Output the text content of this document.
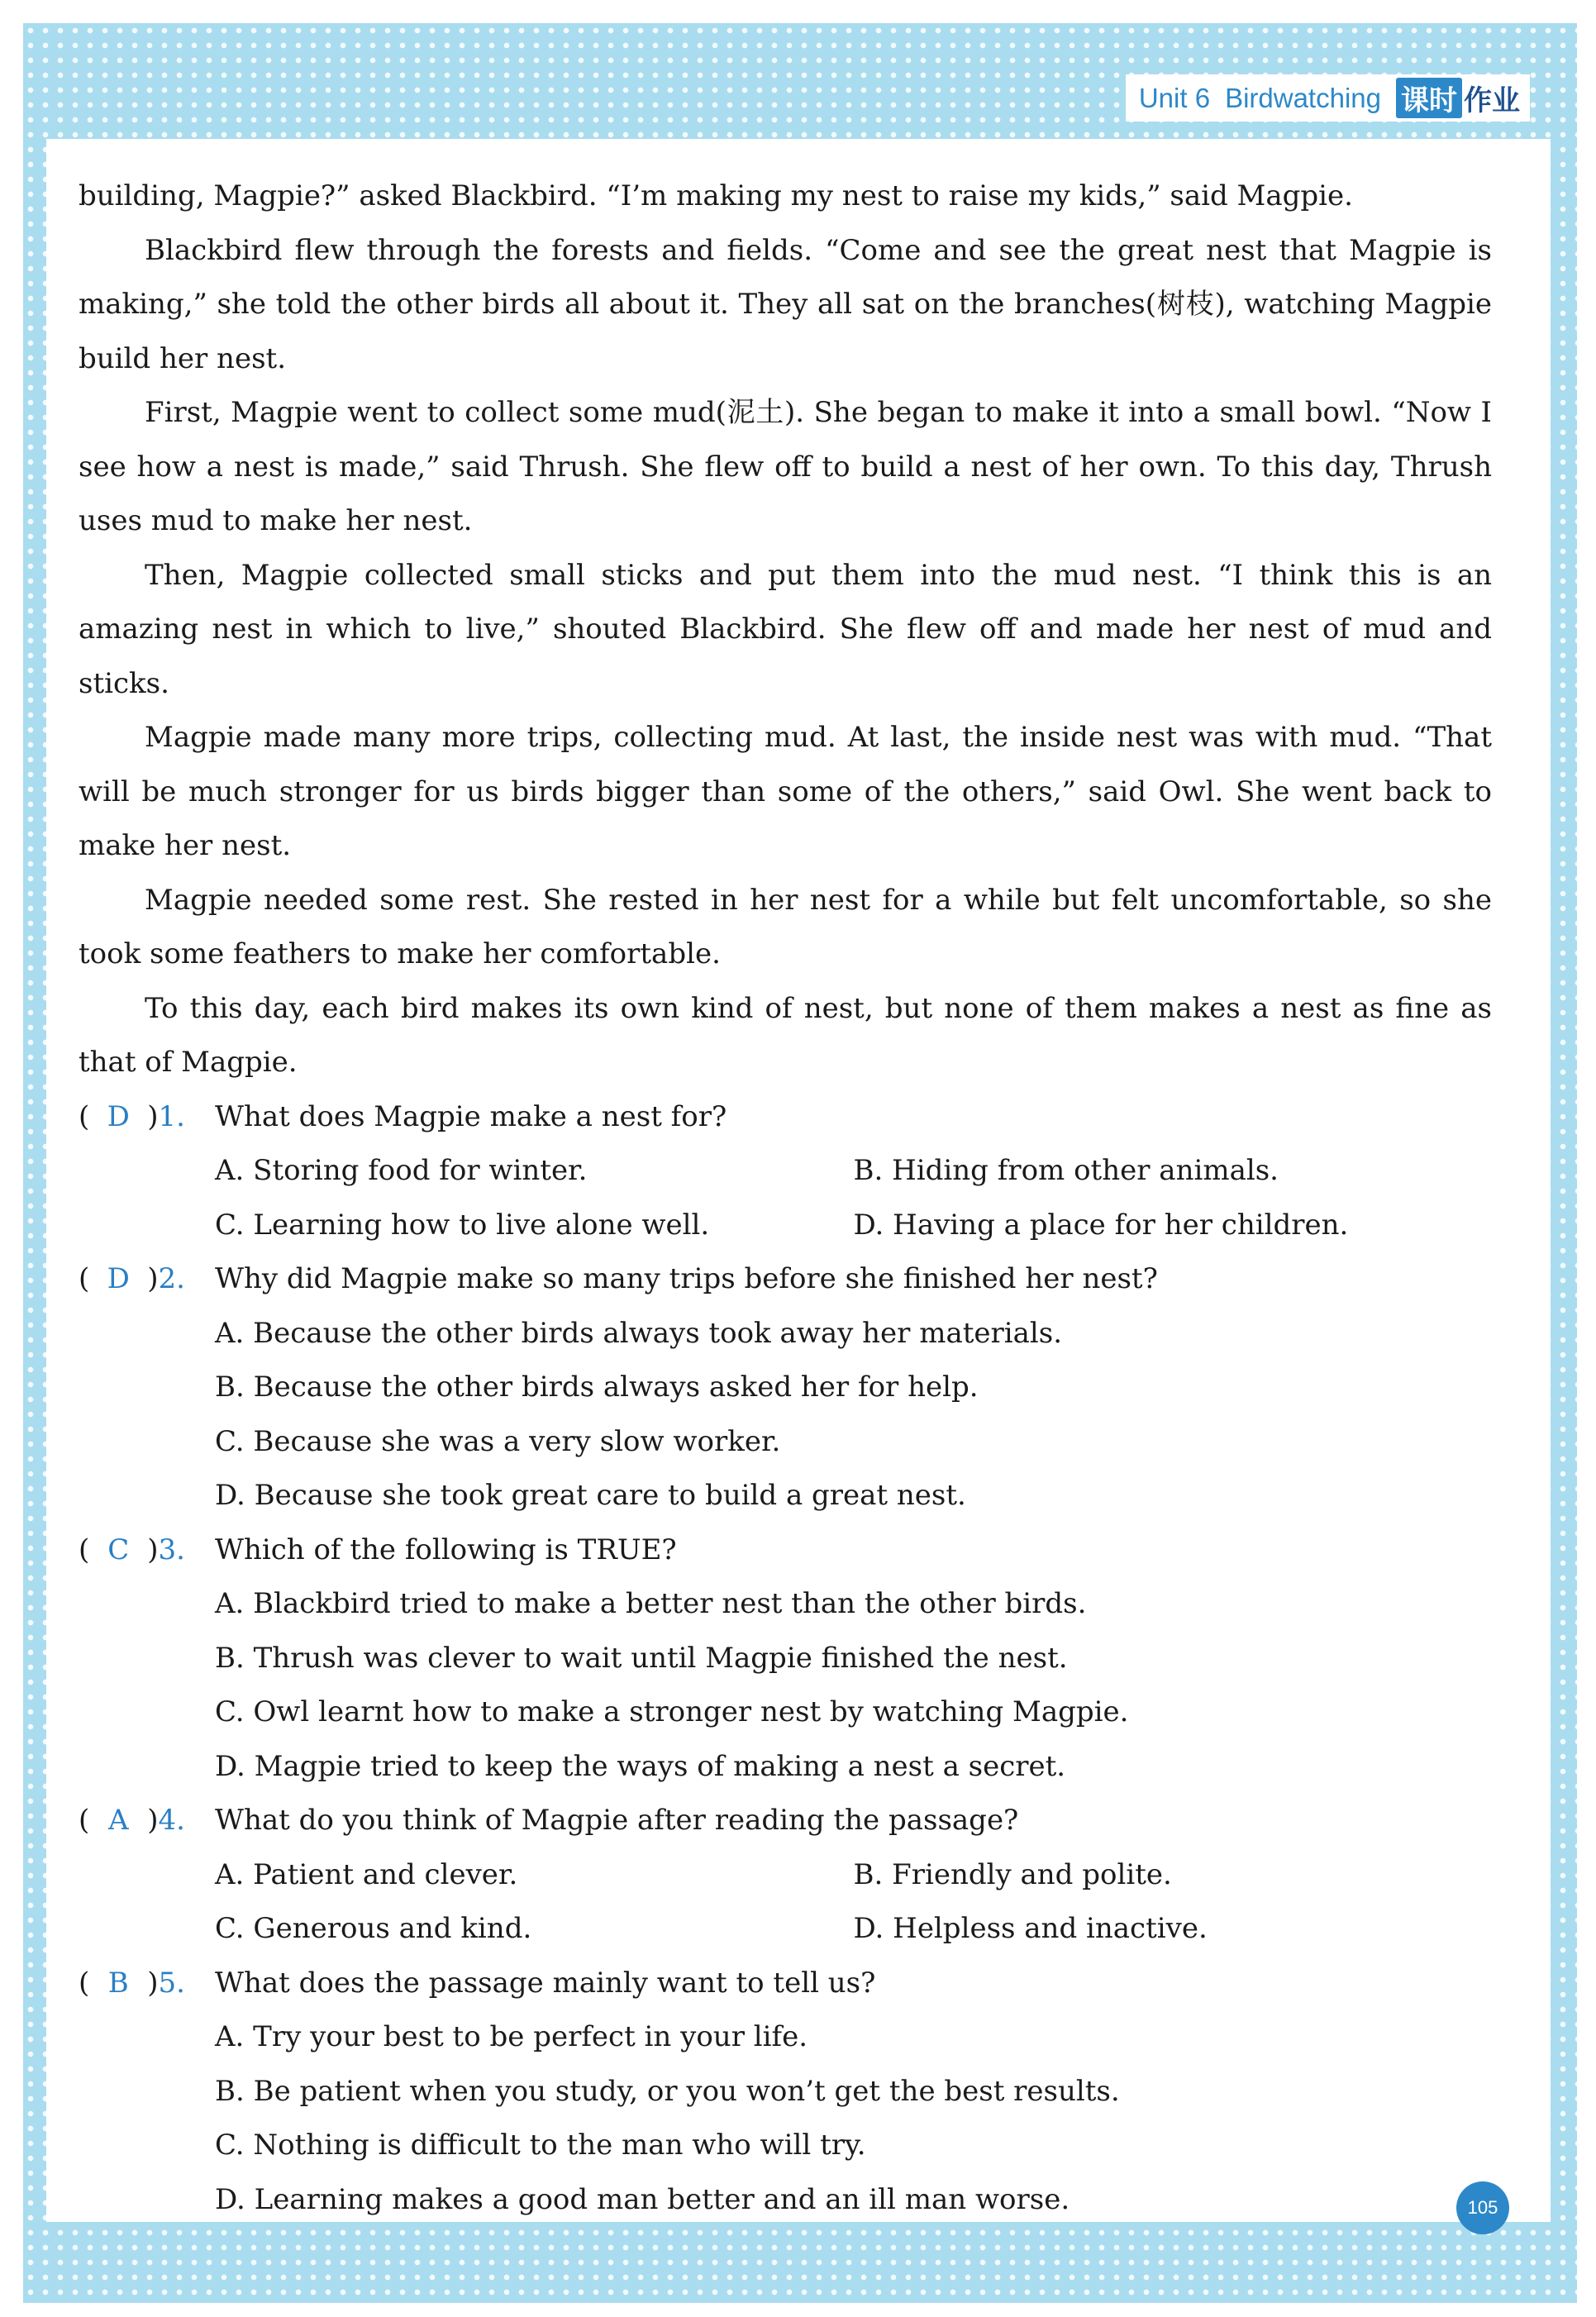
Unit 6 Birdwatching 课时 作业

building, Magpie?” asked Blackbird. “I’m making my nest to raise my kids,” said Magpie.

Blackbird flew through the forests and fields. “Come and see the great nest that Magpie is making,” she told the other birds all about it. They all sat on the branches(树枝), watching Magpie build her nest.

First, Magpie went to collect some mud(泥土). She began to make it into a small bowl. “Now I see how a nest is made,” said Thrush. She flew off to build a nest of her own. To this day, Thrush uses mud to make her nest.

Then, Magpie collected small sticks and put them into the mud nest. “I think this is an amazing nest in which to live,” shouted Blackbird. She flew off and made her nest of mud and sticks.

Magpie made many more trips, collecting mud. At last, the inside nest was with mud. “That will be much stronger for us birds bigger than some of the others,” said Owl. She went back to make her nest.

Magpie needed some rest. She rested in her nest for a while but felt uncomfortable, so she took some feathers to make her comfortable.

To this day, each bird makes its own kind of nest, but none of them makes a nest as fine as that of Magpie.

( D )1.	What does Magpie make a nest for?
A. Storing food for winter.	B. Hiding from other animals.
C. Learning how to live alone well.	D. Having a place for her children.
( D )2.	Why did Magpie make so many trips before she finished her nest?
A. Because the other birds always took away her materials.
B. Because the other birds always asked her for help.
C. Because she was a very slow worker.
D. Because she took great care to build a great nest.
( C )3.	Which of the following is TRUE?
A. Blackbird tried to make a better nest than the other birds.
B. Thrush was clever to wait until Magpie finished the nest.
C. Owl learnt how to make a stronger nest by watching Magpie.
D. Magpie tried to keep the ways of making a nest a secret.
( A )4.	What do you think of Magpie after reading the passage?
A. Patient and clever.	B. Friendly and polite.
C. Generous and kind.	D. Helpless and inactive.
( B )5.	What does the passage mainly want to tell us?
A. Try your best to be perfect in your life.
B. Be patient when you study, or you won’t get the best results.
C. Nothing is difficult to the man who will try.
D. Learning makes a good man better and an ill man worse.	105
